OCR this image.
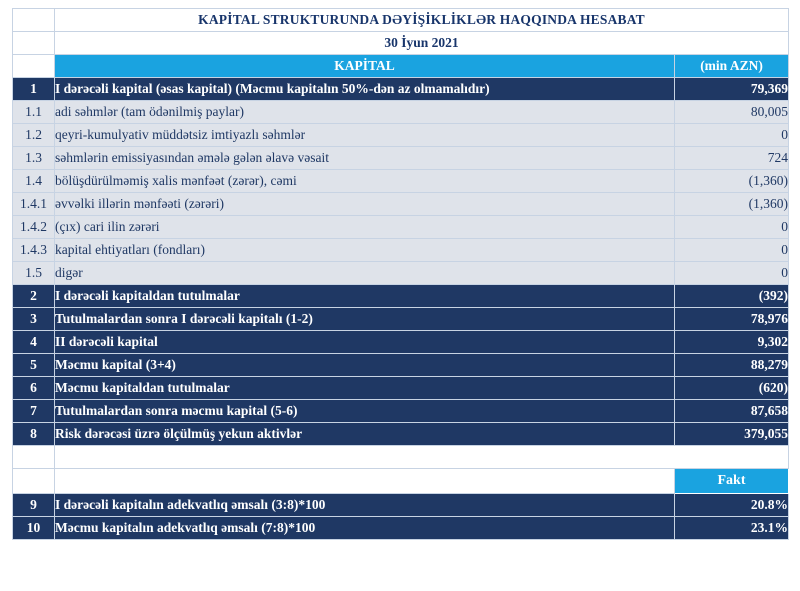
	KAPİTAL STRUKTURUNDA DƏYİŞİKLİKLƏR HAQQINDA HESABAT	
	30 İyun 2021	
	KAPİTAL	(min AZN)
1	I dərəcəli kapital (əsas kapital) (Məcmu kapitalın 50%-dən az olmamalıdır)	79,369
1.1	adi səhmlər (tam ödənilmiş paylar)	80,005
1.2	qeyri-kumulyativ müddətsiz imtiyazlı səhmlər	0
1.3	səhmlərin emissiyasından əmələ gələn əlavə vəsait	724
1.4	bölüşdürülməmiş xalis mənfəət (zərər), cəmi	(1,360)
1.4.1	əvvəlki illərin mənfəəti (zərəri)	(1,360)
1.4.2	(çıx) cari ilin zərəri	0
1.4.3	kapital ehtiyatları (fondları)	0
1.5	digər	0
2	I dərəcəli kapitaldan tutulmalar	(392)
3	Tutulmalardan sonra I dərəcəli kapitalı (1-2)	78,976
4	II dərəcəli kapital	9,302
5	Məcmu kapital (3+4)	88,279
6	Məcmu kapitaldan tutulmalar	(620)
7	Tutulmalardan sonra məcmu kapital (5-6)	87,658
8	Risk dərəcəsi üzrə ölçülmüş yekun aktivlər	379,055

		Fakt
9	I dərəcəli kapitalın adekvatlıq əmsalı (3:8)*100	20.8%
10	Məcmu kapitalın adekvatlıq əmsalı (7:8)*100	23.1%
